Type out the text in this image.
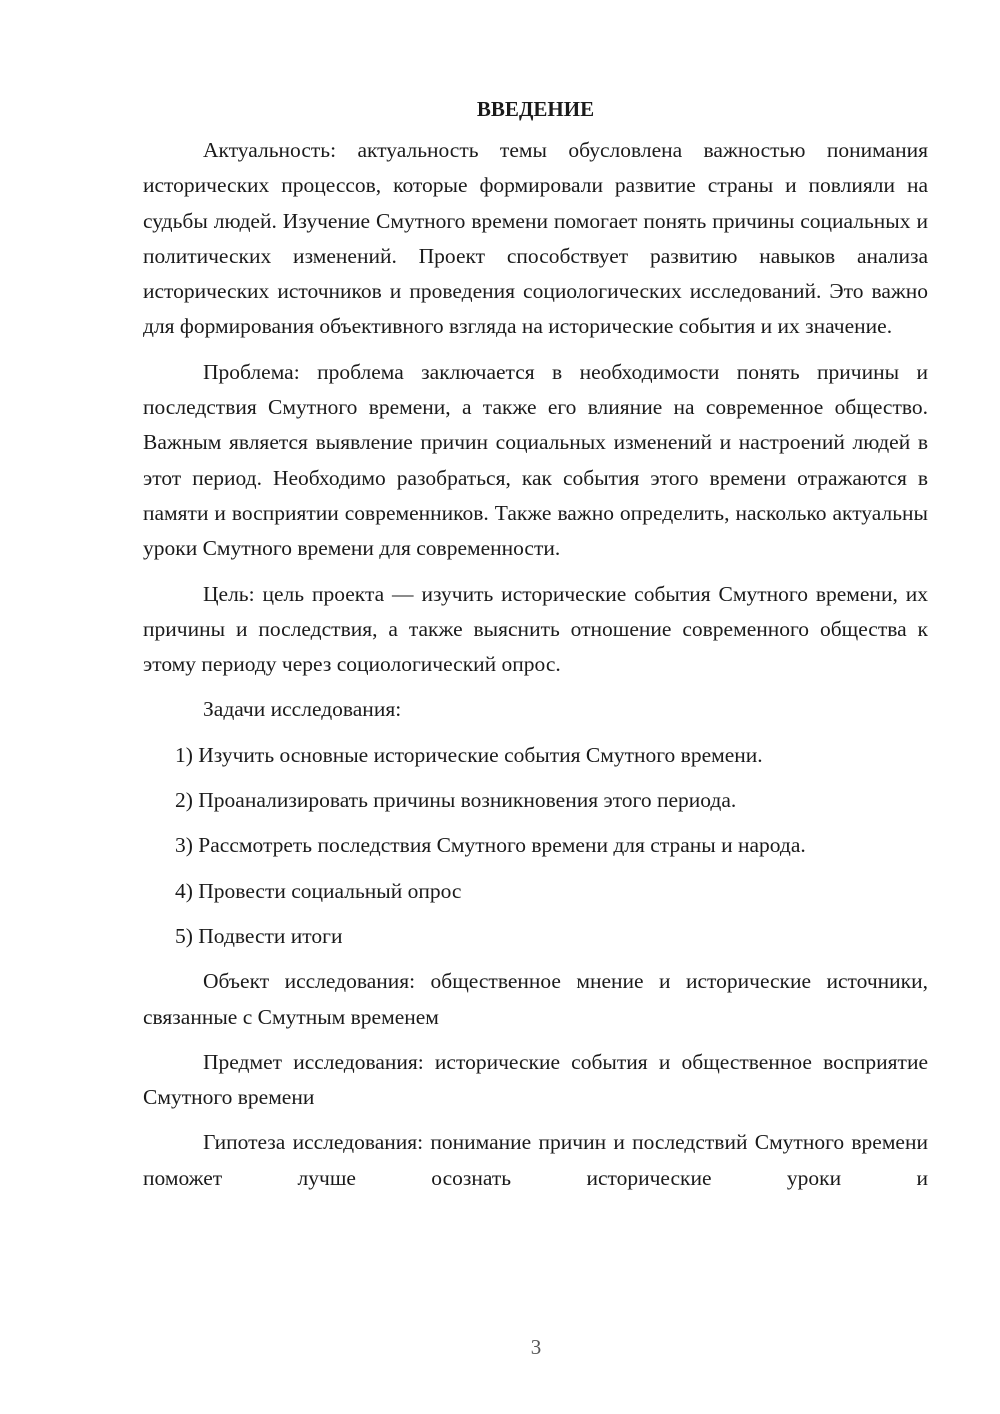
ВВЕДЕНИЕ

Актуальность: актуальность темы обусловлена важностью понимания исторических процессов, которые формировали развитие страны и повлияли на судьбы людей. Изучение Смутного времени помогает понять причины социальных и политических изменений. Проект способствует развитию навыков анализа исторических источников и проведения социологических исследований. Это важно для формирования объективного взгляда на исторические события и их значение.

Проблема: проблема заключается в необходимости понять причины и последствия Смутного времени, а также его влияние на современное общество. Важным является выявление причин социальных изменений и настроений людей в этот период. Необходимо разобраться, как события этого времени отражаются в памяти и восприятии современников. Также важно определить, насколько актуальны уроки Смутного времени для современности.

Цель: цель проекта — изучить исторические события Смутного времени, их причины и последствия, а также выяснить отношение современного общества к этому периоду через социологический опрос.

Задачи исследования:

1) Изучить основные исторические события Смутного времени.

2) Проанализировать причины возникновения этого периода.

3) Рассмотреть последствия Смутного времени для страны и народа.

4) Провести социальный опрос

5) Подвести итоги

Объект исследования: общественное мнение и исторические источники, связанные с Смутным временем

Предмет исследования: исторические события и общественное восприятие Смутного времени

Гипотеза исследования: понимание причин и последствий Смутного времени поможет лучше осознать исторические уроки и

3
